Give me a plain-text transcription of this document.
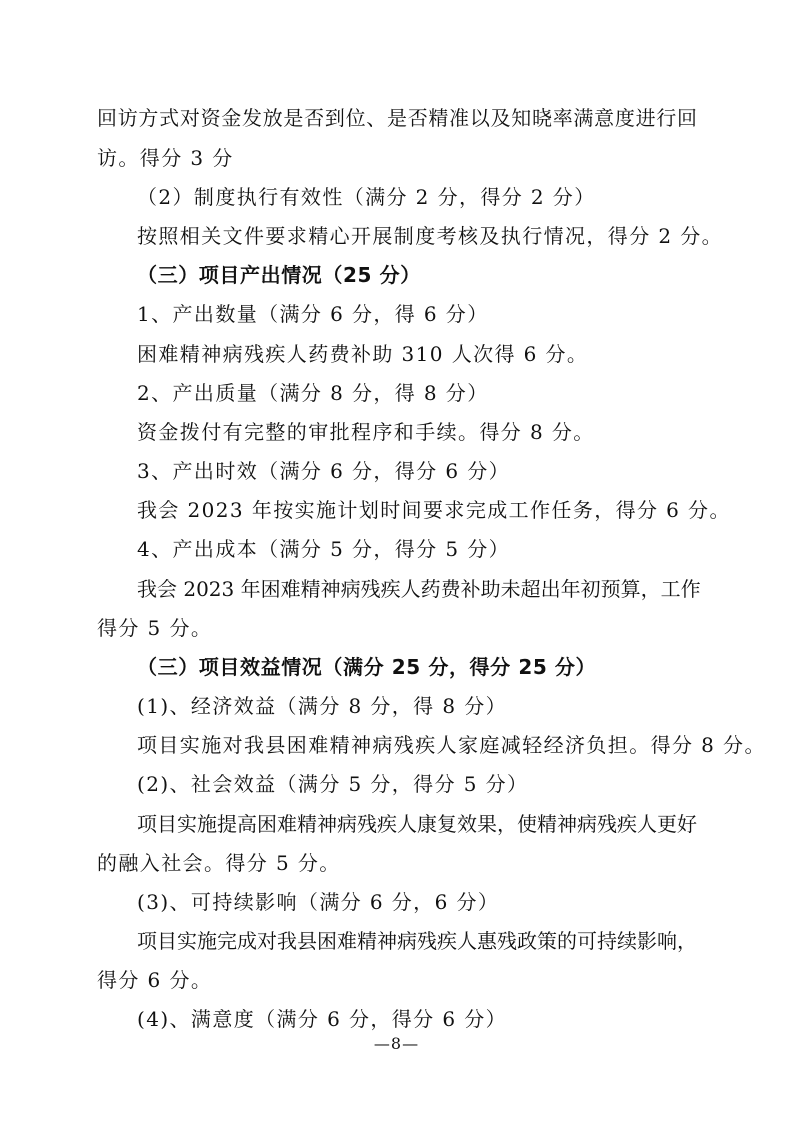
回访方式对资金发放是否到位、是否精准以及知晓率满意度进行回
访。得分 3 分
（2）制度执行有效性（满分 2 分，得分 2 分）
按照相关文件要求精心开展制度考核及执行情况，得分 2 分。
（三）项目产出情况（25 分）
1、产出数量（满分 6 分，得 6 分）
困难精神病残疾人药费补助 310 人次得 6 分。
2、产出质量（满分 8 分，得 8 分）
资金拨付有完整的审批程序和手续。得分 8 分。
3、产出时效（满分 6 分，得分 6 分）
我会 2023 年按实施计划时间要求完成工作任务，得分 6 分。
4、产出成本（满分 5 分，得分 5 分）
我会 2023 年困难精神病残疾人药费补助未超出年初预算，工作
得分 5 分。
（三）项目效益情况（满分 25 分，得分 25 分）
(1)、经济效益（满分 8 分，得 8 分）
项目实施对我县困难精神病残疾人家庭减轻经济负担。得分 8 分。
(2)、社会效益（满分 5 分，得分 5 分）
项目实施提高困难精神病残疾人康复效果，使精神病残疾人更好
的融入社会。得分 5 分。
(3)、可持续影响（满分 6 分，6 分）
项目实施完成对我县困难精神病残疾人惠残政策的可持续影响，
得分 6 分。
(4)、满意度（满分 6 分，得分 6 分）
—8—
